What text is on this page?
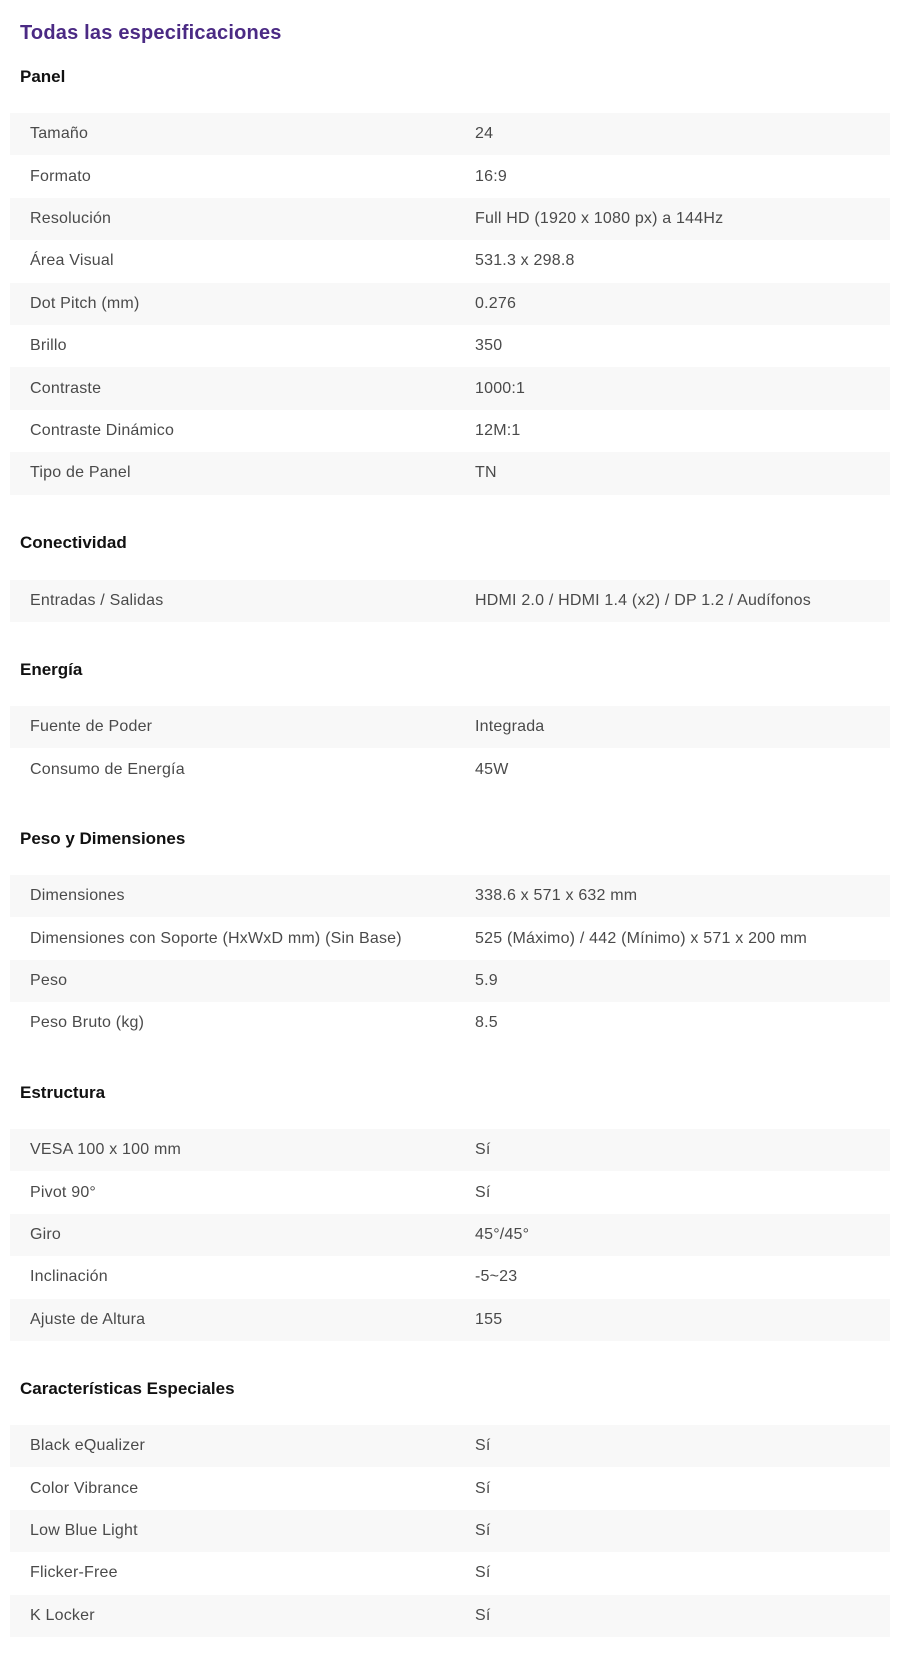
Todas las especificaciones
Panel
Tamaño	24
Formato	16:9
Resolución	Full HD (1920 x 1080 px) a 144Hz
Área Visual	531.3 x 298.8
Dot Pitch (mm)	0.276
Brillo	350
Contraste	1000:1
Contraste Dinámico	12M:1
Tipo de Panel	TN
Conectividad
Entradas / Salidas	HDMI 2.0 / HDMI 1.4 (x2) / DP 1.2 / Audífonos
Energía
Fuente de Poder	Integrada
Consumo de Energía	45W
Peso y Dimensiones
Dimensiones	338.6 x 571 x 632 mm
Dimensiones con Soporte (HxWxD mm) (Sin Base)	525 (Máximo) / 442 (Mínimo) x 571 x 200 mm
Peso	5.9
Peso Bruto (kg)	8.5
Estructura
VESA 100 x 100 mm	Sí
Pivot 90°	Sí
Giro	45°/45°
Inclinación	-5~23
Ajuste de Altura	155
Características Especiales
Black eQualizer	Sí
Color Vibrance	Sí
Low Blue Light	Sí
Flicker-Free	Sí
K Locker	Sí
